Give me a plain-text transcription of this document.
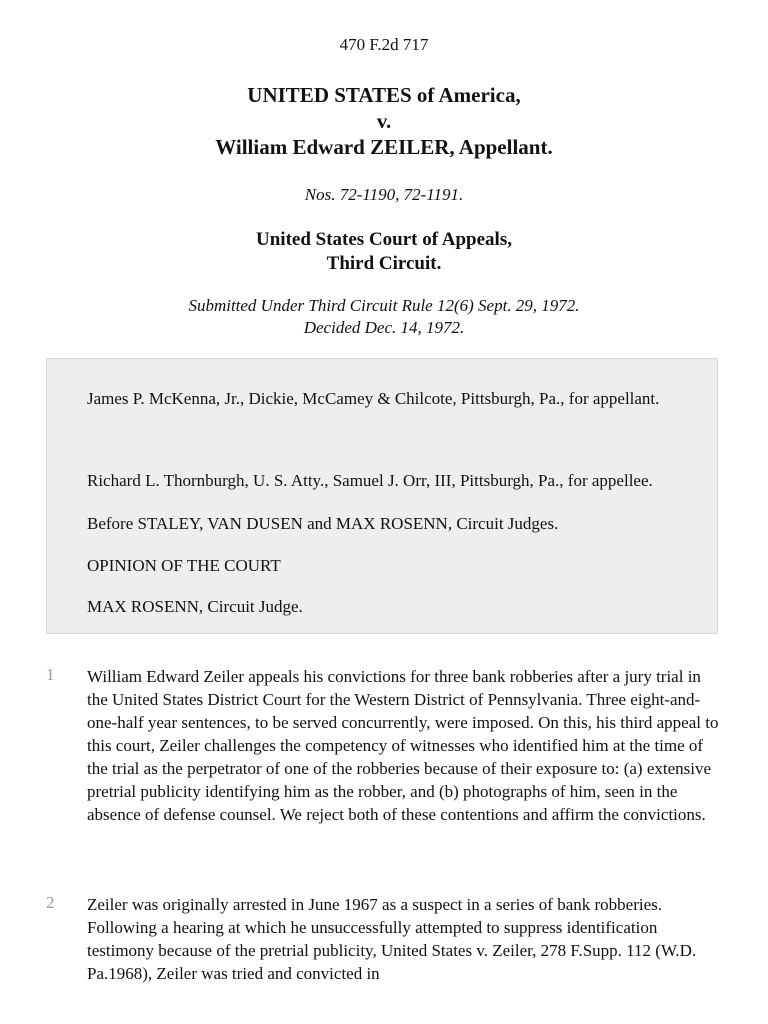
470 F.2d 717
UNITED STATES of America,
v.
William Edward ZEILER, Appellant.
Nos. 72-1190, 72-1191.
United States Court of Appeals,
Third Circuit.
Submitted Under Third Circuit Rule 12(6) Sept. 29, 1972.
Decided Dec. 14, 1972.

James P. McKenna, Jr., Dickie, McCamey & Chilcote, Pittsburgh, Pa., for appellant.

Richard L. Thornburgh, U. S. Atty., Samuel J. Orr, III, Pittsburgh, Pa., for appellee.

Before STALEY, VAN DUSEN and MAX ROSENN, Circuit Judges.

OPINION OF THE COURT

MAX ROSENN, Circuit Judge.

1 William Edward Zeiler appeals his convictions for three bank robberies after a jury trial in the United States District Court for the Western District of Pennsylvania. Three eight-and-one-half year sentences, to be served concurrently, were imposed. On this, his third appeal to this court, Zeiler challenges the competency of witnesses who identified him at the time of the trial as the perpetrator of one of the robberies because of their exposure to: (a) extensive pretrial publicity identifying him as the robber, and (b) photographs of him, seen in the absence of defense counsel. We reject both of these contentions and affirm the convictions.

2 Zeiler was originally arrested in June 1967 as a suspect in a series of bank robberies. Following a hearing at which he unsuccessfully attempted to suppress identification testimony because of the pretrial publicity, United States v. Zeiler, 278 F.Supp. 112 (W.D. Pa.1968), Zeiler was tried and convicted in
